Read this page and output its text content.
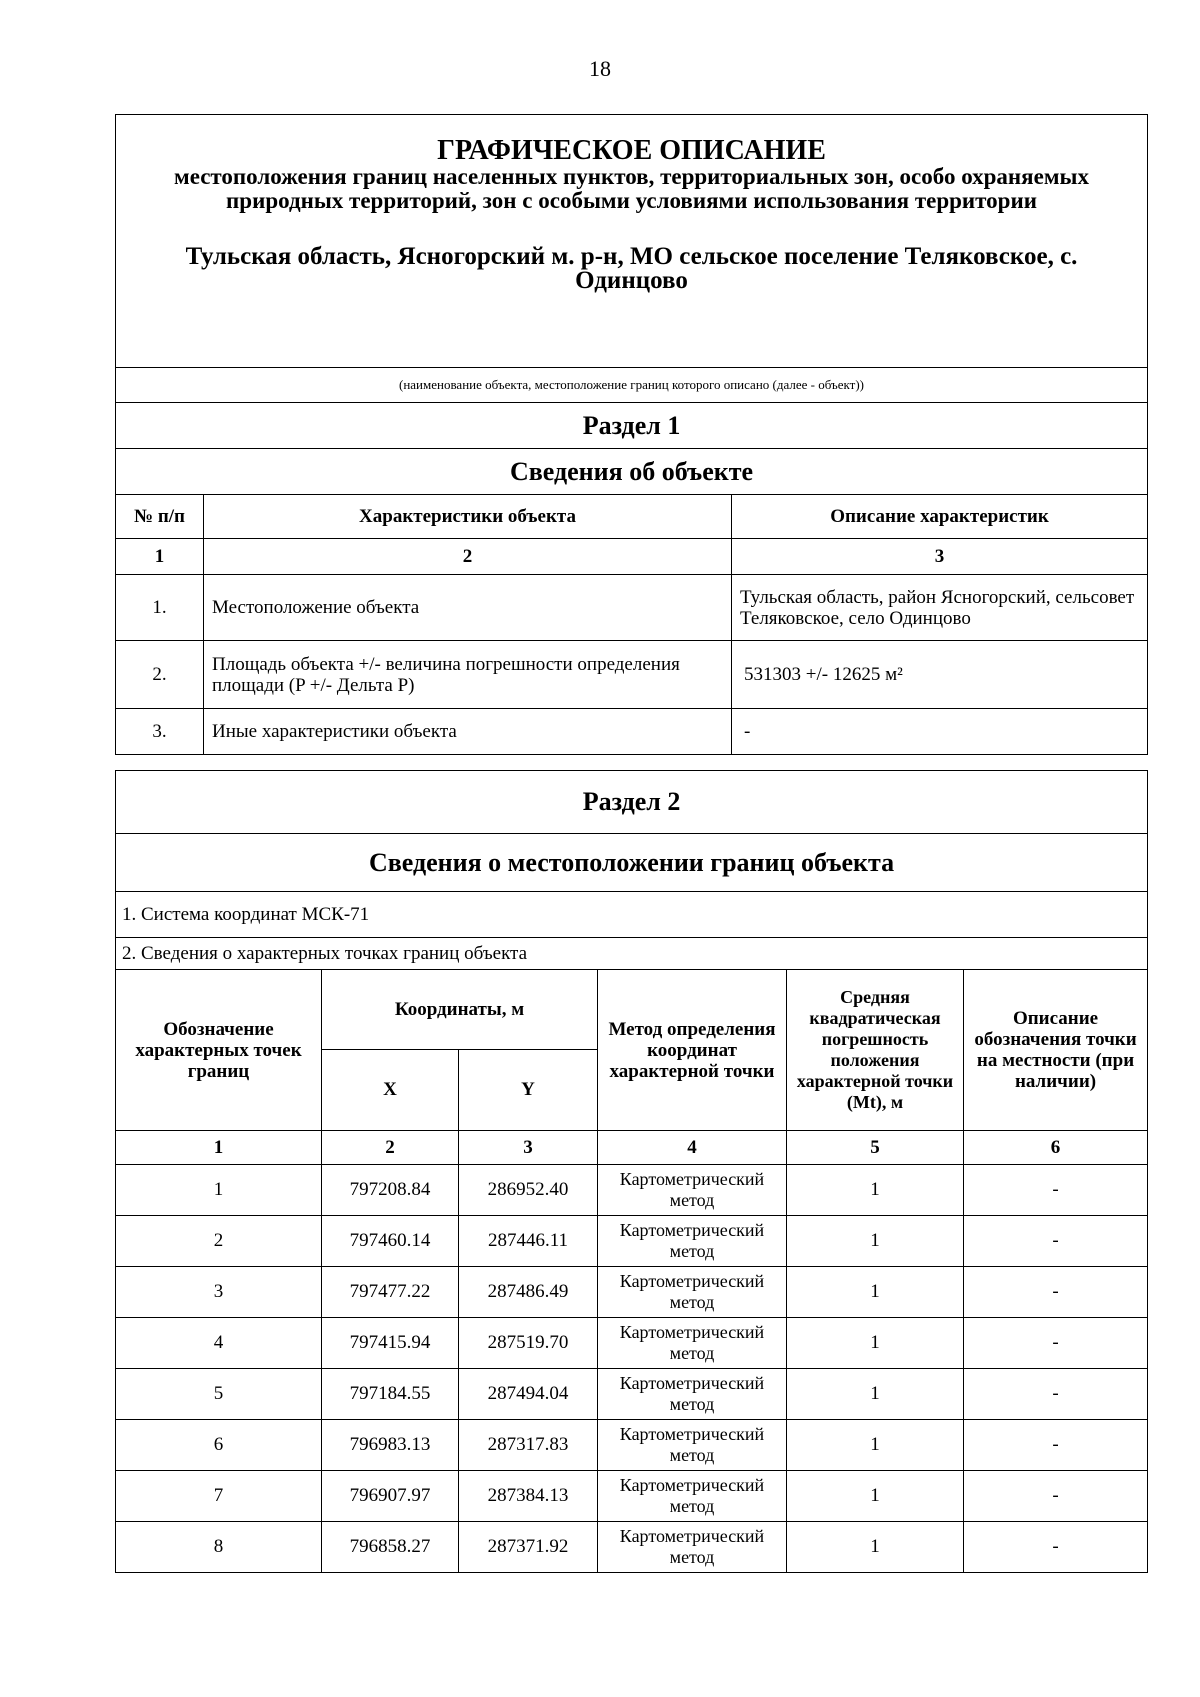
18
ГРАФИЧЕСКОЕ ОПИСАНИЕ
местоположения границ населенных пунктов, территориальных зон, особо охраняемых природных территорий, зон с особыми условиями использования территории
Тульская область, Ясногорский м. р-н, МО сельское поселение Теляковское, с.
Одинцово		

(наименование объекта, местоположение границ которого описано (далее - объект))		
Раздел 1		
Сведения об объекте		
№ п/п	Характеристики объекта	Описание характеристик
1	2	3
1.	Местоположение объекта	Тульская область, район Ясногорский, сельсовет Теляковское, село Одинцово
2.	Площадь объекта +/- величина погрешности определения площади (P +/- Дельта P)	531303 +/- 12625 м²
3.	Иные характеристики объекта	-
Раздел 2					
Сведения о местоположении границ объекта					
1. Система координат МСК-71					
2. Сведения о характерных точках границ объекта					
Обозначение характерных точек границ	Координаты, м		Метод определения координат характерной точки	Средняя квадратическая погрешность положения характерной точки (Mt), м	Описание обозначения точки на местности (при наличии)
	X	Y			
1	2	3	4	5	6
1	797208.84	286952.40	Картометрический метод	1	-
2	797460.14	287446.11	Картометрический метод	1	-
3	797477.22	287486.49	Картометрический метод	1	-
4	797415.94	287519.70	Картометрический метод	1	-
5	797184.55	287494.04	Картометрический метод	1	-
6	796983.13	287317.83	Картометрический метод	1	-
7	796907.97	287384.13	Картометрический метод	1	-
8	796858.27	287371.92	Картометрический метод	1	-
